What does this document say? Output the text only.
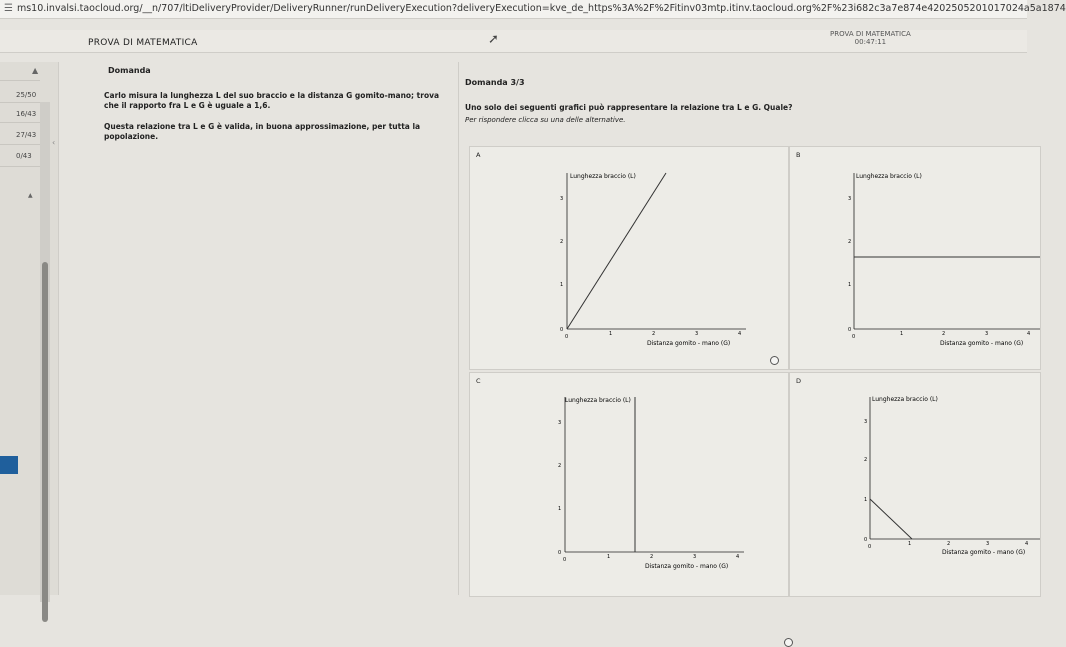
☰ ms10.invalsi.taocloud.org/__n/707/ltiDeliveryProvider/DeliveryRunner/runDeliveryExecution?deliveryExecution=kve_de_https%3A%2F%2Fitinv03mtp.itinv.taocloud.org%2F%23i682c3a7e874e4202505201017024a5a1874
PROVA DI MATEMATICA	➚	PROVA DI MATEMATICA
00:47:11
▲
25/50
16/43
27/43
0/43
‹
▲
Domanda
Carlo misura la lunghezza L del suo braccio e la distanza G gomito-mano; trova
che il rapporto fra L e G è uguale a 1,6.
Questa relazione tra L e G è valida, in buona approssimazione, per tutta la
popolazione.
Domanda 3/3
Uno solo dei seguenti grafici può rappresentare la relazione tra L e G. Quale?
Per rispondere clicca su una delle alternative.
A
Lunghezza braccio (L)
0
1
2
3
0	1	2	3	4
Distanza gomito - mano (G)
B
Lunghezza braccio (L)
0
1
2
3
0	1	2	3	4
Distanza gomito - mano (G)
C
Lunghezza braccio (L)
0
1
2
3
0	1	2	3	4
Distanza gomito - mano (G)
D
Lunghezza braccio (L)
0
1
2
3
0	1	2	3	4
Distanza gomito - mano (G)
